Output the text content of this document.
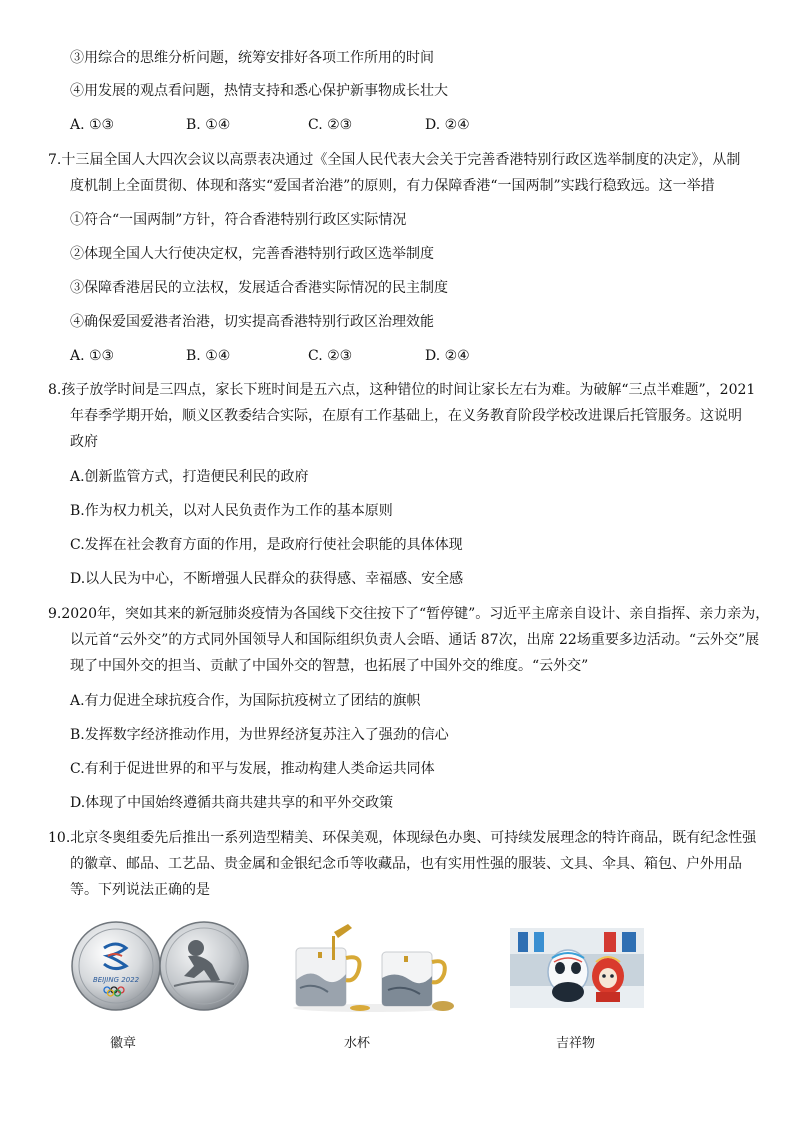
③用综合的思维分析问题，统筹安排好各项工作所用的时间
④用发展的观点看问题，热情支持和悉心保护新事物成长壮大
A. ①③	B. ①④	C. ②③	D. ②④
7.十三届全国人大四次会议以高票表决通过《全国人民代表大会关于完善香港特别行政区选举制度的决定》，从制
度机制上全面贯彻、体现和落实“爱国者治港”的原则，有力保障香港“一国两制”实践行稳致远。这一举措
①符合“一国两制”方针，符合香港特别行政区实际情况
②体现全国人大行使决定权，完善香港特别行政区选举制度
③保障香港居民的立法权，发展适合香港实际情况的民主制度
④确保爱国爱港者治港，切实提高香港特别行政区治理效能
A. ①③	B. ①④	C. ②③	D. ②④
8.孩子放学时间是三四点，家长下班时间是五六点，这种错位的时间让家长左右为难。为破解“三点半难题”，2021
年春季学期开始，顺义区教委结合实际，在原有工作基础上，在义务教育阶段学校改进课后托管服务。这说明
政府
A.创新监管方式，打造便民利民的政府
B.作为权力机关，以对人民负责作为工作的基本原则
C.发挥在社会教育方面的作用，是政府行使社会职能的具体体现
D.以人民为中心，不断增强人民群众的获得感、幸福感、安全感
9.2020年，突如其来的新冠肺炎疫情为各国线下交往按下了“暂停键”。习近平主席亲自设计、亲自指挥、亲力亲为，
以元首“云外交”的方式同外国领导人和国际组织负责人会晤、通话 87次，出席 22场重要多边活动。“云外交”展
现了中国外交的担当、贡献了中国外交的智慧，也拓展了中国外交的维度。“云外交”
A.有力促进全球抗疫合作，为国际抗疫树立了团结的旗帜
B.发挥数字经济推动作用，为世界经济复苏注入了强劲的信心
C.有利于促进世界的和平与发展，推动构建人类命运共同体
D.体现了中国始终遵循共商共建共享的和平外交政策
10.北京冬奥组委先后推出一系列造型精美、环保美观，体现绿色办奥、可持续发展理念的特许商品，既有纪念性强
的徽章、邮品、工艺品、贵金属和金银纪念币等收藏品，也有实用性强的服装、文具、伞具、箱包、户外用品
等。下列说法正确的是
BEIJING 2022
徽章	水杯	吉祥物
